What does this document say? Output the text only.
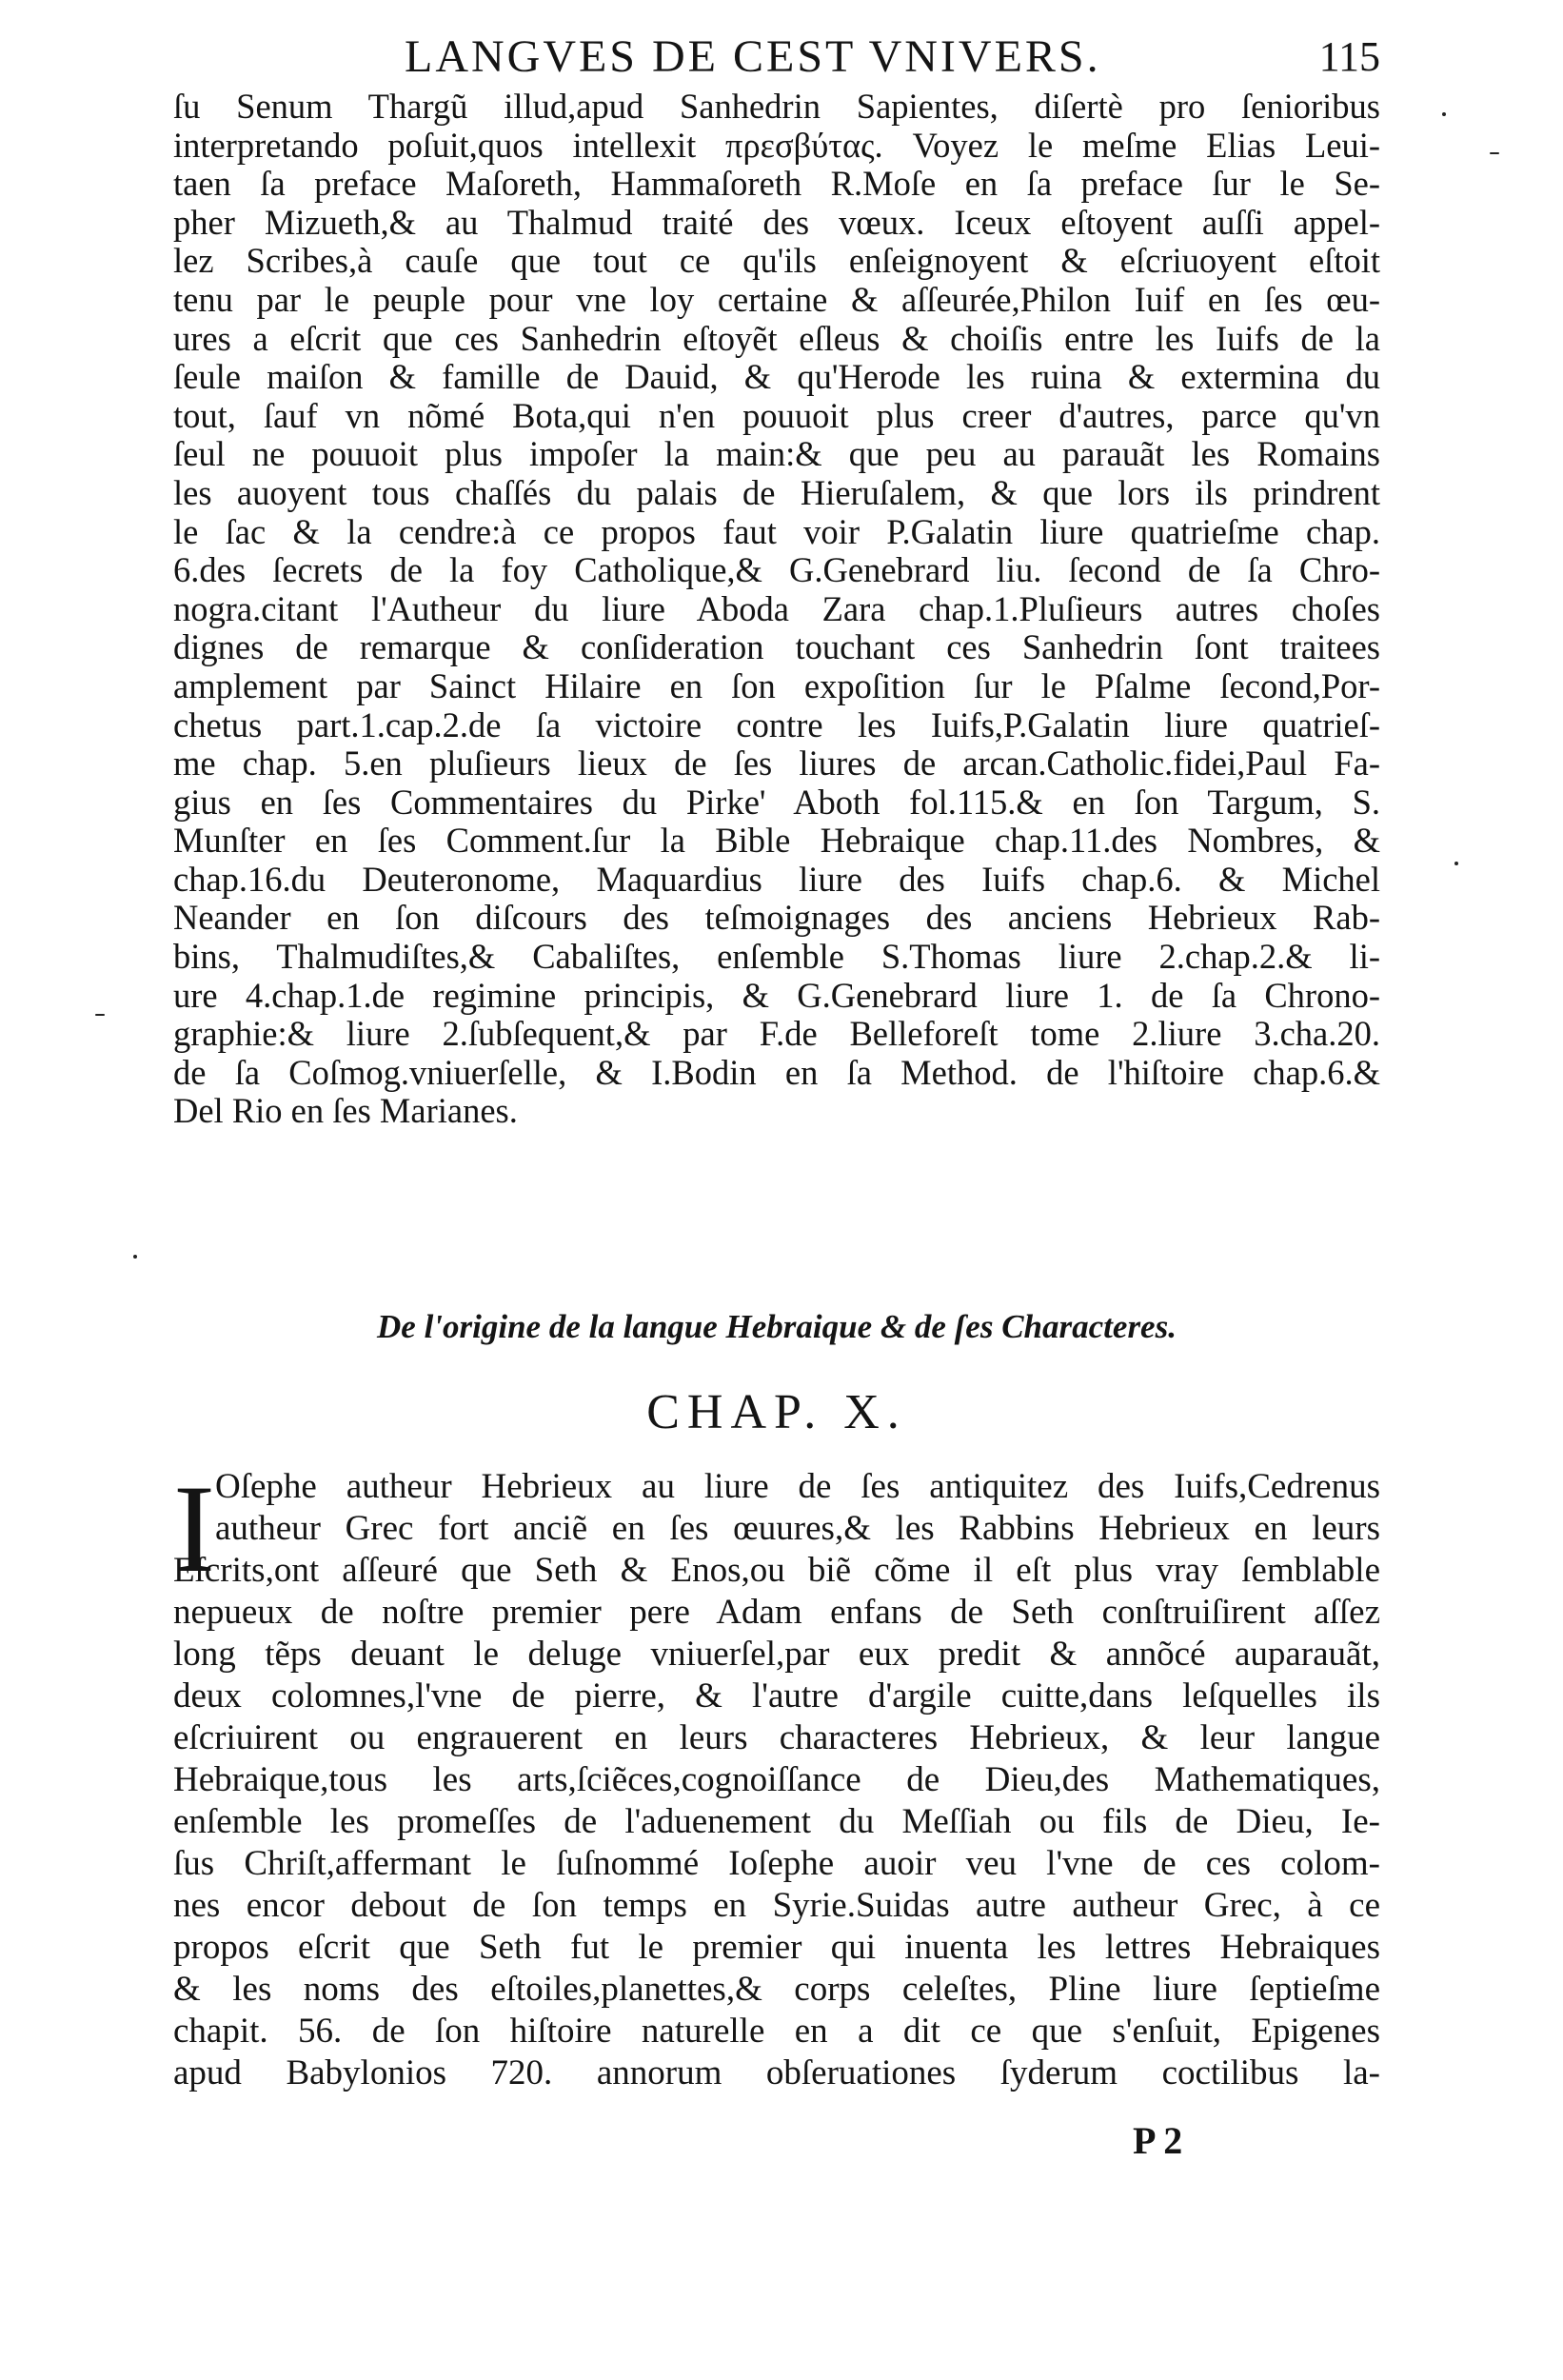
LANGVES DE CEST VNIVERS.	115
ſu Senum Thargũ illud,apud Sanhedrin Sapientes, diſertè pro ſenioribus
interpretando poſuit,quos intellexit πρεσβύτας. Voyez le meſme Elias Leui-
taen ſa preface Maſoreth, Hammaſoreth R.Moſe en ſa preface ſur le Se-
pher Mizueth,& au Thalmud traité des vœux. Iceux eſtoyent auſſi appel-
lez Scribes,à cauſe que tout ce qu'ils enſeignoyent & eſcriuoyent eſtoit
tenu par le peuple pour vne loy certaine & aſſeurée,Philon Iuif en ſes œu-
ures a eſcrit que ces Sanhedrin eſtoyẽt eſleus & choiſis entre les Iuifs de la
ſeule maiſon & famille de Dauid, & qu'Herode les ruina & extermina du
tout, ſauf vn nõmé Bota,qui n'en pouuoit plus creer d'autres, parce qu'vn
ſeul ne pouuoit plus impoſer la main:& que peu au parauãt les Romains
les auoyent tous chaſſés du palais de Hieruſalem, & que lors ils prindrent
le ſac & la cendre:à ce propos faut voir P.Galatin liure quatrieſme chap.
6.des ſecrets de la foy Catholique,& G.Genebrard liu. ſecond de ſa Chro-
nogra.citant l'Autheur du liure Aboda Zara chap.1.Pluſieurs autres choſes
dignes de remarque & conſideration touchant ces Sanhedrin ſont traitees
amplement par Sainct Hilaire en ſon expoſition ſur le Pſalme ſecond,Por-
chetus part.1.cap.2.de ſa victoire contre les Iuifs,P.Galatin liure quatrieſ-
me chap. 5.en pluſieurs lieux de ſes liures de arcan.Catholic.fidei,Paul Fa-
gius en ſes Commentaires du Pirke' Aboth fol.115.& en ſon Targum, S.
Munſter en ſes Comment.ſur la Bible Hebraique chap.11.des Nombres, &
chap.16.du Deuteronome, Maquardius liure des Iuifs chap.6. & Michel
Neander en ſon diſcours des teſmoignages des anciens Hebrieux Rab-
bins, Thalmudiſtes,& Cabaliſtes, enſemble S.Thomas liure 2.chap.2.& li-
ure 4.chap.1.de regimine principis, & G.Genebrard liure 1. de ſa Chrono-
graphie:& liure 2.ſubſequent,& par F.de Belleforeſt tome 2.liure 3.cha.20.
de ſa Coſmog.vniuerſelle, & I.Bodin en ſa Method. de l'hiſtoire chap.6.&
Del Rio en ſes Marianes.
De l'origine de la langue Hebraique & de ſes Characteres.
CHAP. X.
I Oſephe autheur Hebrieux au liure de ſes antiquitez des Iuifs,Cedrenus
autheur Grec fort anciẽ en ſes œuures,& les Rabbins Hebrieux en leurs
Eſcrits,ont aſſeuré que Seth & Enos,ou biẽ cõme il eſt plus vray ſemblable
nepueux de noſtre premier pere Adam enfans de Seth conſtruiſirent aſſez
long tẽps deuant le deluge vniuerſel,par eux predit & annõcé auparauãt,
deux colomnes,l'vne de pierre, & l'autre d'argile cuitte,dans leſquelles ils
eſcriuirent ou engrauerent en leurs characteres Hebrieux, & leur langue
Hebraique,tous les arts,ſciẽces,cognoiſſance de Dieu,des Mathematiques,
enſemble les promeſſes de l'aduenement du Meſſiah ou fils de Dieu, Ie-
ſus Chriſt,affermant le ſuſnommé Ioſephe auoir veu l'vne de ces colom-
nes encor debout de ſon temps en Syrie.Suidas autre autheur Grec, à ce
propos eſcrit que Seth fut le premier qui inuenta les lettres Hebraiques
& les noms des eſtoiles,planettes,& corps celeſtes, Pline liure ſeptieſme
chapit. 56. de ſon hiſtoire naturelle en a dit ce que s'enſuit, Epigenes
apud Babylonios 720. annorum obſeruationes ſyderum coctilibus la-
P 2
